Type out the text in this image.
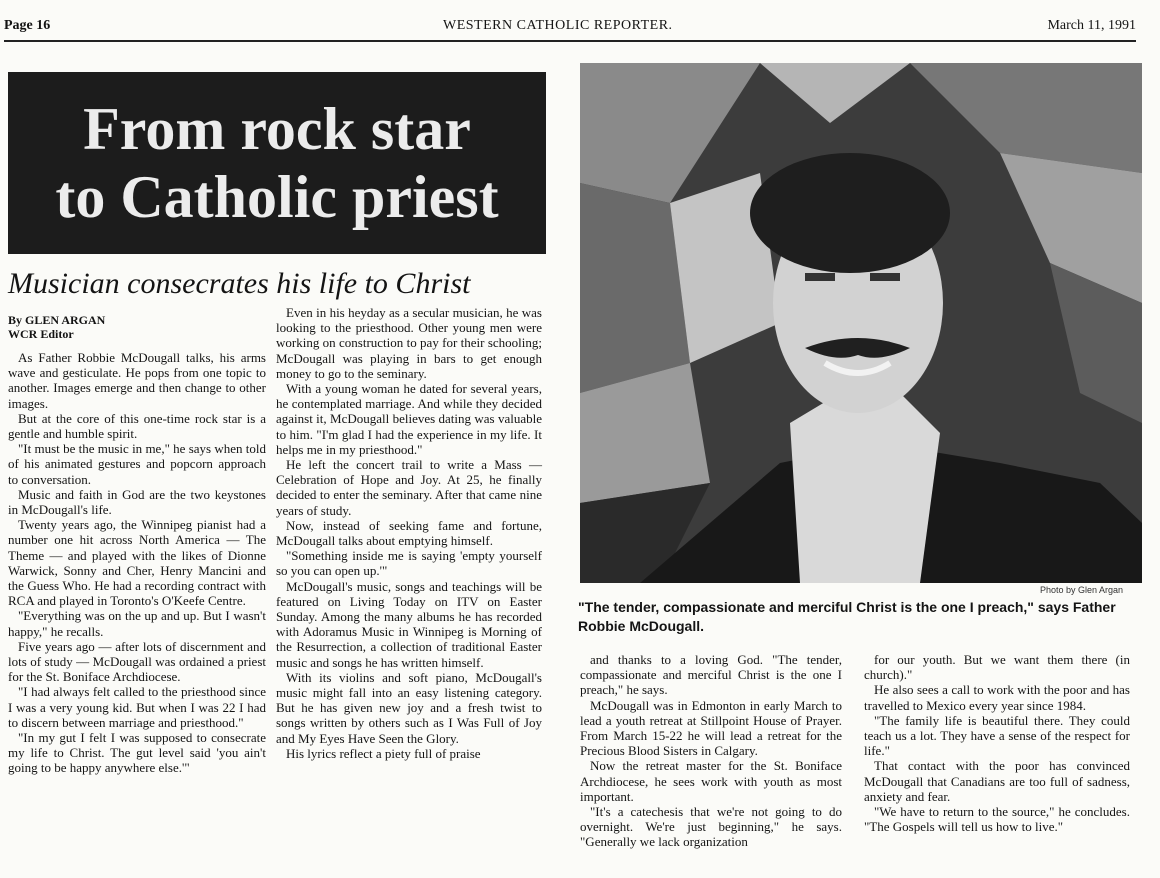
Page 16	WESTERN CATHOLIC REPORTER.	March 11, 1991
From rock star
to Catholic priest
Musician consecrates his life to Christ
By GLEN ARGAN
WCR Editor

As Father Robbie McDougall talks, his arms wave and gesticulate. He pops from one topic to another. Images emerge and then change to other images.

But at the core of this one-time rock star is a gentle and humble spirit.

"It must be the music in me," he says when told of his animated gestures and popcorn approach to conversation.

Music and faith in God are the two keystones in McDougall's life.

Twenty years ago, the Winnipeg pianist had a number one hit across North America — The Theme — and played with the likes of Dionne Warwick, Sonny and Cher, Henry Mancini and the Guess Who. He had a recording contract with RCA and played in Toronto's O'Keefe Centre.

"Everything was on the up and up. But I wasn't happy," he recalls.

Five years ago — after lots of discernment and lots of study — McDougall was ordained a priest for the St. Boniface Archdiocese.

"I had always felt called to the priesthood since I was a very young kid. But when I was 22 I had to discern between marriage and priesthood."

"In my gut I felt I was supposed to consecrate my life to Christ. The gut level said 'you ain't going to be happy anywhere else.'"

Even in his heyday as a secular musician, he was looking to the priesthood. Other young men were working on construction to pay for their schooling; McDougall was playing in bars to get enough money to go to the seminary.

With a young woman he dated for several years, he contemplated marriage. And while they decided against it, McDougall believes dating was valuable to him. "I'm glad I had the experience in my life. It helps me in my priesthood."

He left the concert trail to write a Mass — Celebration of Hope and Joy. At 25, he finally decided to enter the seminary. After that came nine years of study.

Now, instead of seeking fame and fortune, McDougall talks about emptying himself.

"Something inside me is saying 'empty yourself so you can open up.'"

McDougall's music, songs and teachings will be featured on Living Today on ITV on Easter Sunday. Among the many albums he has recorded with Adoramus Music in Winnipeg is Morning of the Resurrection, a collection of traditional Easter music and songs he has written himself.

With its violins and soft piano, McDougall's music might fall into an easy listening category. But he has given new joy and a fresh twist to songs written by others such as I Was Full of Joy and My Eyes Have Seen the Glory.

His lyrics reflect a piety full of praise

Photo by Glen Argan
"The tender, compassionate and merciful Christ is the one I preach," says Father Robbie McDougall.

and thanks to a loving God. "The tender, compassionate and merciful Christ is the one I preach," he says.

McDougall was in Edmonton in early March to lead a youth retreat at Stillpoint House of Prayer. From March 15-22 he will lead a retreat for the Precious Blood Sisters in Calgary.

Now the retreat master for the St. Boniface Archdiocese, he sees work with youth as most important.

"It's a catechesis that we're not going to do overnight. We're just beginning," he says. "Generally we lack organization

for our youth. But we want them there (in church)."

He also sees a call to work with the poor and has travelled to Mexico every year since 1984.

"The family life is beautiful there. They could teach us a lot. They have a sense of the respect for life."

That contact with the poor has convinced McDougall that Canadians are too full of sadness, anxiety and fear.

"We have to return to the source," he concludes. "The Gospels will tell us how to live."
